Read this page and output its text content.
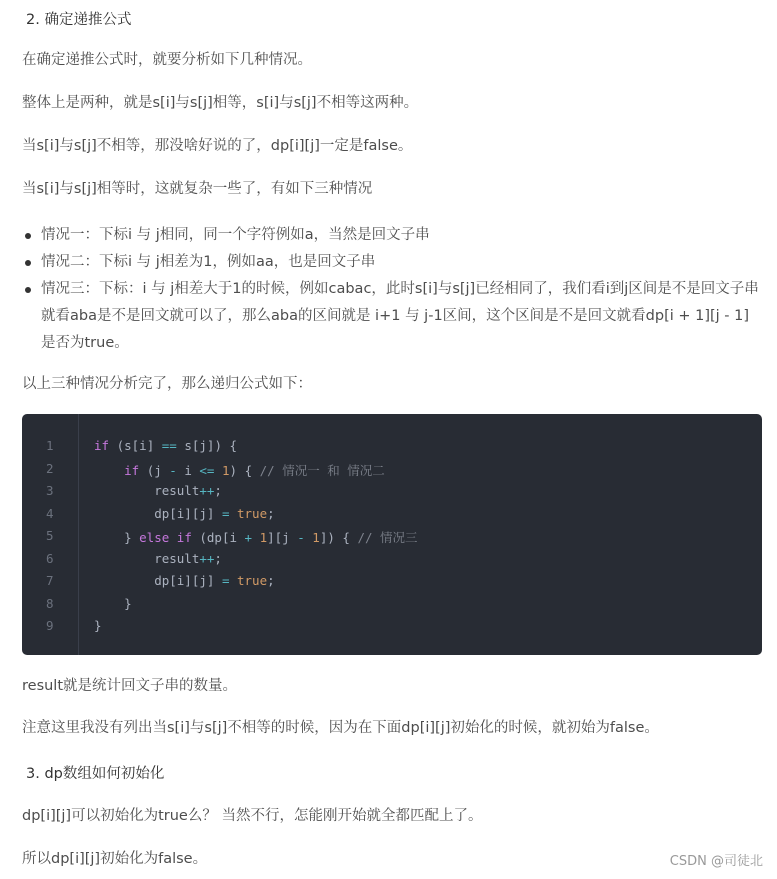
2. 确定递推公式
在确定递推公式时，就要分析如下几种情况。
整体上是两种，就是s[i]与s[j]相等，s[i]与s[j]不相等这两种。
当s[i]与s[j]不相等，那没啥好说的了，dp[i][j]一定是false。
当s[i]与s[j]相等时，这就复杂一些了，有如下三种情况
情况一：下标i 与 j相同，同一个字符例如a，当然是回文子串
情况二：下标i 与 j相差为1，例如aa，也是回文子串
情况三：下标：i 与 j相差大于1的时候，例如cabac，此时s[i]与s[j]已经相同了，我们看i到j区间是不是回文子串就看aba是不是回文就可以了，那么aba的区间就是 i+1 与 j-1区间，这个区间是不是回文就看dp[i + 1][j - 1]是否为true。
以上三种情况分析完了，那么递归公式如下：
if (s[i] == s[j]) {
if (j - i <= 1) { // 情况一 和 情况二
result++;
dp[i][j] = true;
} else if (dp[i + 1][j - 1]) { // 情况三
result++;
dp[i][j] = true;
}
}
1
2
3
4
5
6
7
8
9
result就是统计回文子串的数量。
注意这里我没有列出当s[i]与s[j]不相等的时候，因为在下面dp[i][j]初始化的时候，就初始为false。
3. dp数组如何初始化
dp[i][j]可以初始化为true么？ 当然不行，怎能刚开始就全都匹配上了。
所以dp[i][j]初始化为false。	CSDN @司徒北
